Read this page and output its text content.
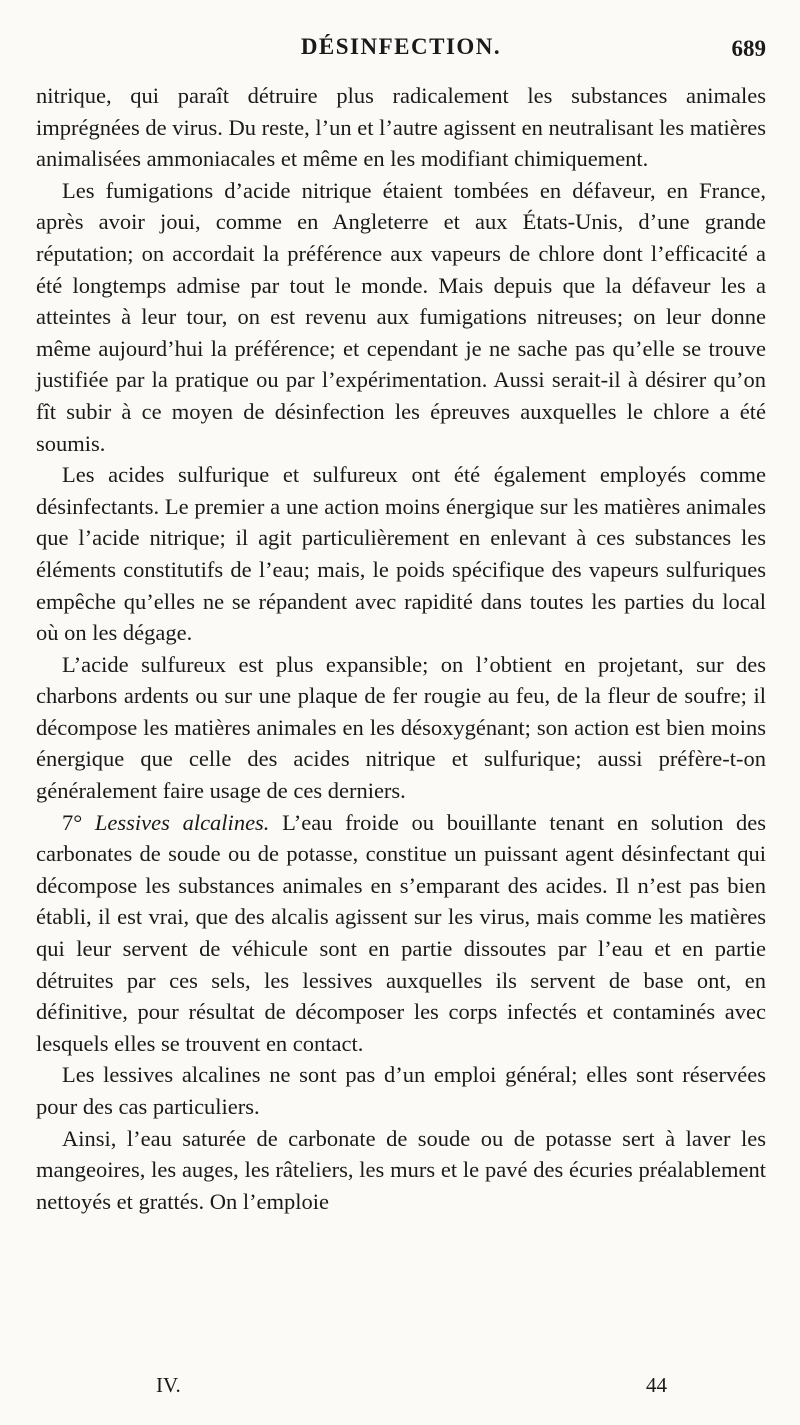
DÉSINFECTION.	689

nitrique, qui paraît détruire plus radicalement les substances animales imprégnées de virus. Du reste, l’un et l’autre agissent en neutralisant les matières animalisées ammoniacales et même en les modifiant chimiquement.

Les fumigations d’acide nitrique étaient tombées en défaveur, en France, après avoir joui, comme en Angleterre et aux États-Unis, d’une grande réputation; on accordait la préférence aux vapeurs de chlore dont l’efficacité a été longtemps admise par tout le monde. Mais depuis que la défaveur les a atteintes à leur tour, on est revenu aux fumigations nitreuses; on leur donne même aujourd’hui la préférence; et cependant je ne sache pas qu’elle se trouve justifiée par la pratique ou par l’expérimentation. Aussi serait-il à désirer qu’on fît subir à ce moyen de désinfection les épreuves auxquelles le chlore a été soumis.

Les acides sulfurique et sulfureux ont été également employés comme désinfectants. Le premier a une action moins énergique sur les matières animales que l’acide nitrique; il agit particulièrement en enlevant à ces substances les éléments constitutifs de l’eau; mais, le poids spécifique des vapeurs sulfuriques empêche qu’elles ne se répandent avec rapidité dans toutes les parties du local où on les dégage.

L’acide sulfureux est plus expansible; on l’obtient en projetant, sur des charbons ardents ou sur une plaque de fer rougie au feu, de la fleur de soufre; il décompose les matières animales en les désoxygénant; son action est bien moins énergique que celle des acides nitrique et sulfurique; aussi préfère-t-on généralement faire usage de ces derniers.

7° Lessives alcalines. L’eau froide ou bouillante tenant en solution des carbonates de soude ou de potasse, constitue un puissant agent désinfectant qui décompose les substances animales en s’emparant des acides. Il n’est pas bien établi, il est vrai, que des alcalis agissent sur les virus, mais comme les matières qui leur servent de véhicule sont en partie dissoutes par l’eau et en partie détruites par ces sels, les lessives auxquelles ils servent de base ont, en définitive, pour résultat de décomposer les corps infectés et contaminés avec lesquels elles se trouvent en contact.

Les lessives alcalines ne sont pas d’un emploi général; elles sont réservées pour des cas particuliers.

Ainsi, l’eau saturée de carbonate de soude ou de potasse sert à laver les mangeoires, les auges, les râteliers, les murs et le pavé des écuries préalablement nettoyés et grattés. On l’emploie

IV.	44
